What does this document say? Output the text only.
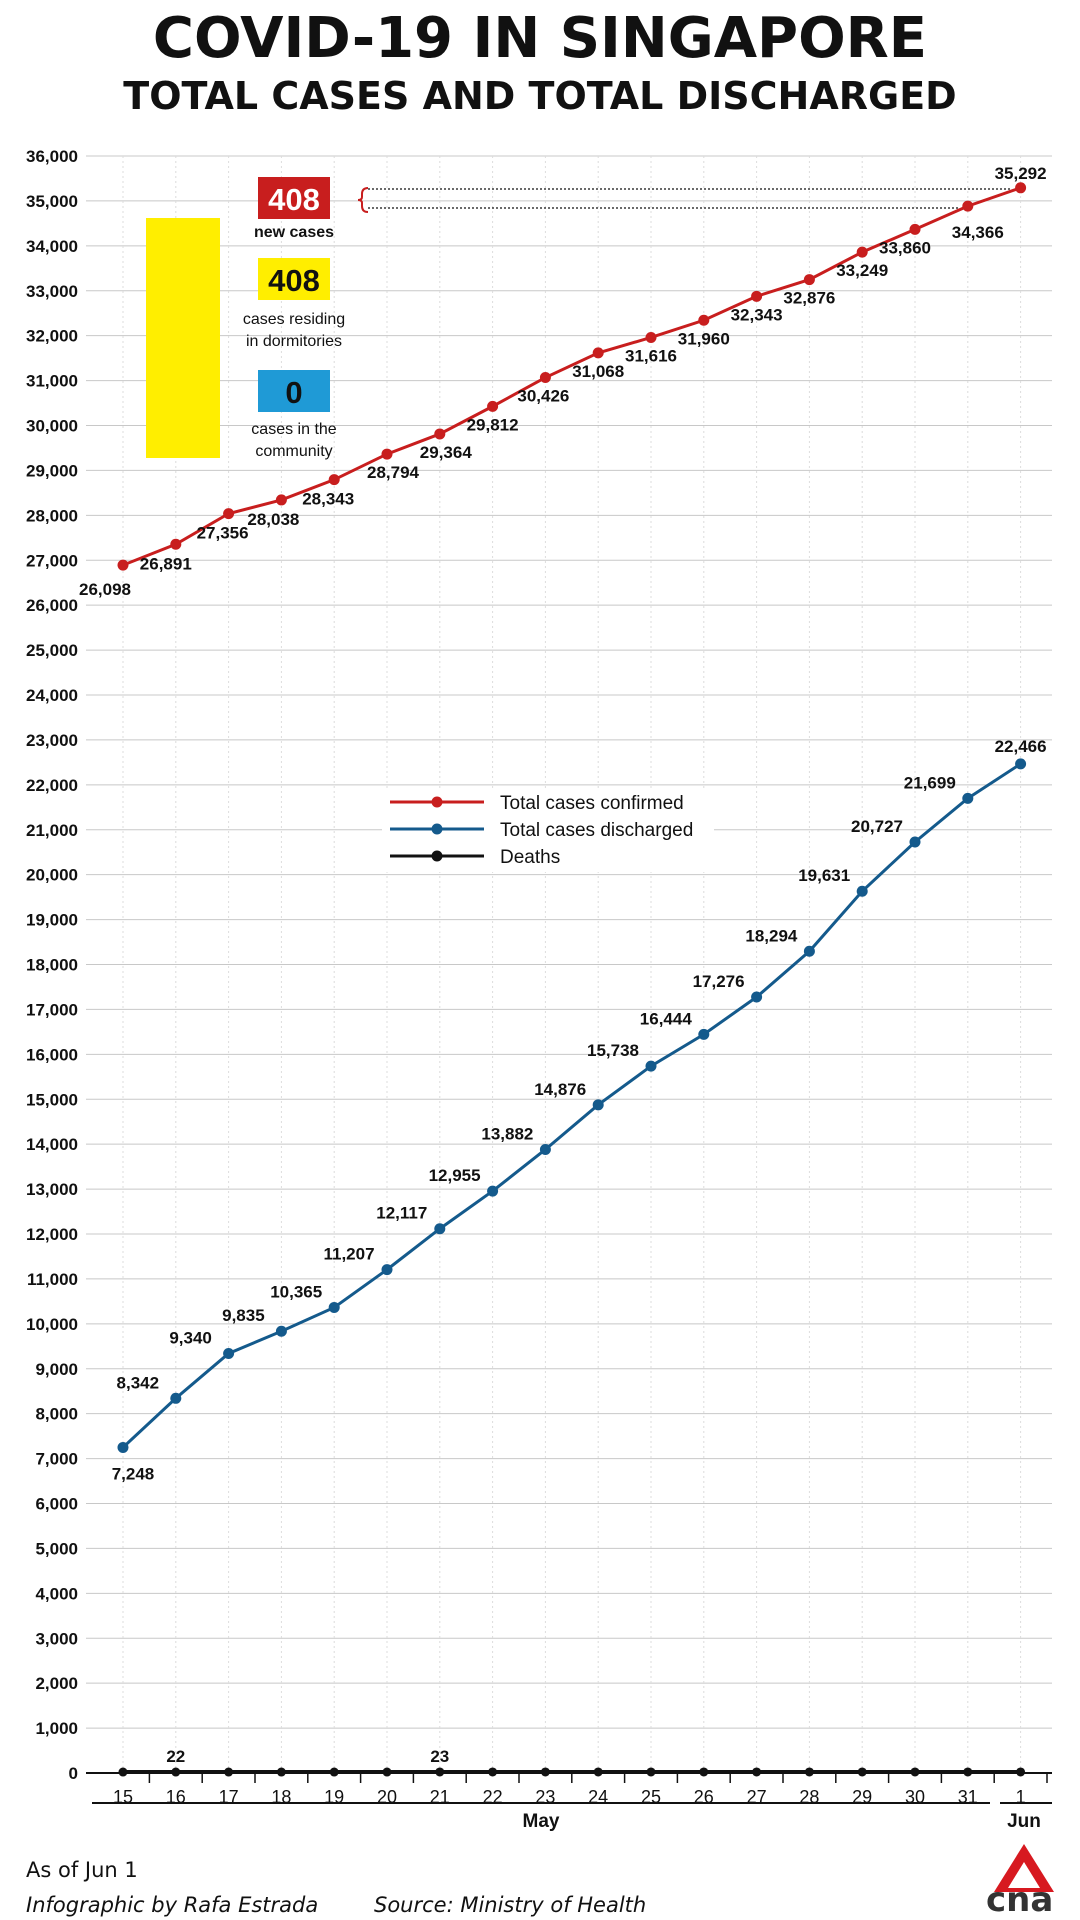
COVID-19 IN SINGAPORE
TOTAL CASES AND TOTAL DISCHARGED
0
1,000
2,000
3,000
4,000
5,000
6,000
7,000
8,000
9,000
10,000
11,000
12,000
13,000
14,000
15,000
16,000
17,000
18,000
19,000
20,000
21,000
22,000
23,000
24,000
25,000
26,000
27,000
28,000
29,000
30,000
31,000
32,000
33,000
34,000
35,000
36,000
15 16 17 18 19 20 21 22 23 24 25 26 27 28 29 30 31 1
May	Jun
26,098
26,891
27,356
28,038
28,343
28,794
29,364
29,812
30,426
31,068
31,616
31,960
32,343
32,876
33,249
33,860
34,366
35,292
7,248
8,342
9,340
9,835
10,365
11,207
12,117
12,955
13,882
14,876
15,738
16,444
17,276
18,294
19,631
20,727
21,699
22,466
22	23
Total cases confirmed
Total cases discharged
Deaths
408
new cases
408
cases residing
in dormitories
0
cases in the
community
As of Jun 1
Infographic by Rafa Estrada	Source: Ministry of Health	cna
